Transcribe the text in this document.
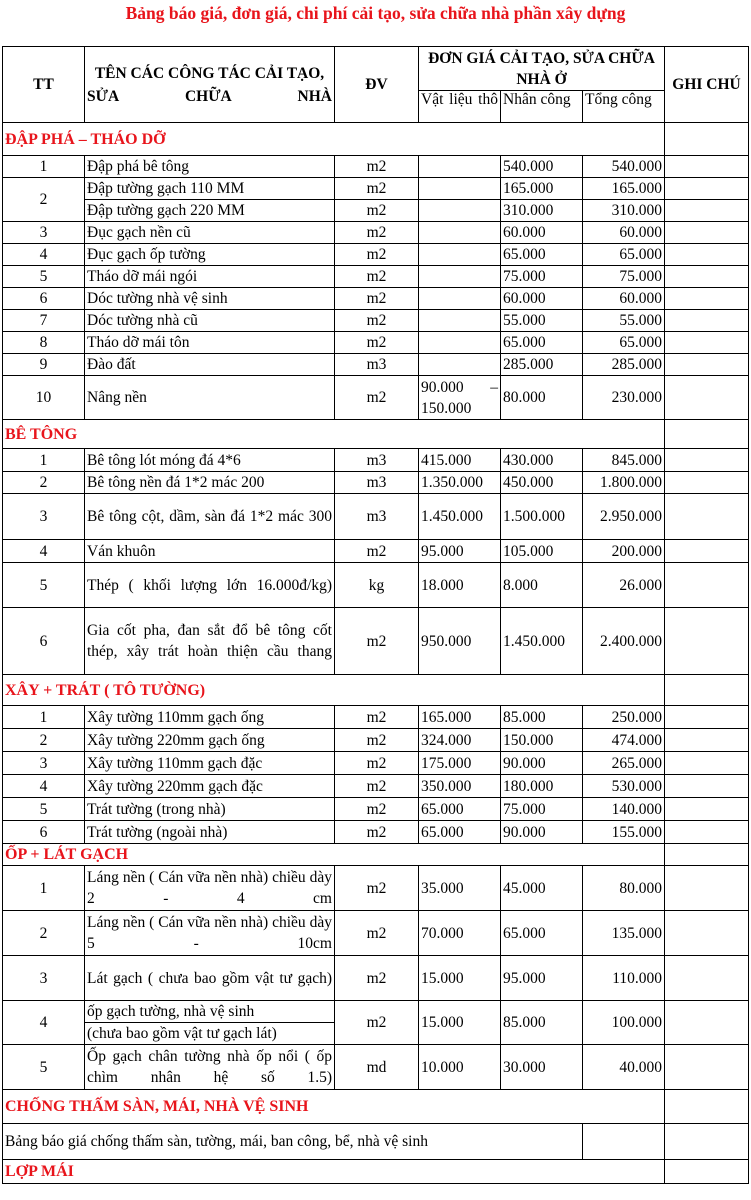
Bảng báo giá, đơn giá, chi phí cải tạo, sửa chữa nhà phần xây dựng
TT	TÊN CÁC CÔNG TÁC CẢI TẠO, SỬA CHỮA NHÀ	ĐV	ĐƠN GIÁ CẢI TẠO, SỬA CHỮA NHÀ Ở			GHI CHÚ
			Vật liệu thô	Nhân công	Tổng công	
ĐẬP PHÁ – THÁO DỠ						
1	Đập phá bê tông	m2		540.000	540.000	
2	Đập tường gạch 110 MM	m2		165.000	165.000	
	Đập tường gạch 220 MM	m2		310.000	310.000	
3	Đục gạch nền cũ	m2		60.000	60.000	
4	Đục gạch ốp tường	m2		65.000	65.000	
5	Tháo dỡ mái ngói	m2		75.000	75.000	
6	Dóc tường nhà vệ sinh	m2		60.000	60.000	
7	Dóc tường nhà cũ	m2		55.000	55.000	
8	Tháo dỡ mái tôn	m2		65.000	65.000	
9	Đào đất	m3		285.000	285.000	
10	Nâng nền	m2	90.000 – 150.000	80.000	230.000	
BÊ TÔNG						
1	Bê tông lót móng đá 4*6	m3	415.000	430.000	845.000	
2	Bê tông nền đá 1*2 mác 200	m3	1.350.000	450.000	1.800.000	
3	Bê tông cột, dầm, sàn đá 1*2 mác 300	m3	1.450.000	1.500.000	2.950.000	
4	Ván khuôn	m2	95.000	105.000	200.000	
5	Thép ( khối lượng lớn 16.000đ/kg)	kg	18.000	8.000	26.000	
6	Gia cốt pha, đan sắt đổ bê tông cốt thép, xây trát hoàn thiện cầu thang	m2	950.000	1.450.000	2.400.000	
XÂY + TRÁT ( TÔ TƯỜNG)						
1	Xây tường 110mm gạch ống	m2	165.000	85.000	250.000	
2	Xây tường 220mm gạch ống	m2	324.000	150.000	474.000	
3	Xây tường 110mm gạch đặc	m2	175.000	90.000	265.000	
4	Xây tường 220mm gạch đặc	m2	350.000	180.000	530.000	
5	Trát tường (trong nhà)	m2	65.000	75.000	140.000	
6	Trát tường (ngoài nhà)	m2	65.000	90.000	155.000	
ỐP + LÁT GẠCH						
1	Láng nền ( Cán vữa nền nhà) chiều dày 2 - 4 cm	m2	35.000	45.000	80.000	
2	Láng nền ( Cán vữa nền nhà) chiều dày 5 - 10cm	m2	70.000	65.000	135.000	
3	Lát gạch ( chưa bao gồm vật tư gạch)	m2	15.000	95.000	110.000	
4	ốp gạch tường, nhà vệ sinh	m2	15.000	85.000	100.000	
	(chưa bao gồm vật tư gạch lát)					
5	Ốp gạch chân tường nhà ốp nổi ( ốp chìm nhân hệ số 1.5)	md	10.000	30.000	40.000	
CHỐNG THẤM SÀN, MÁI, NHÀ VỆ SINH						
Bảng báo giá chống thấm sàn, tường, mái, ban công, bể, nhà vệ sinh						
LỢP MÁI						
